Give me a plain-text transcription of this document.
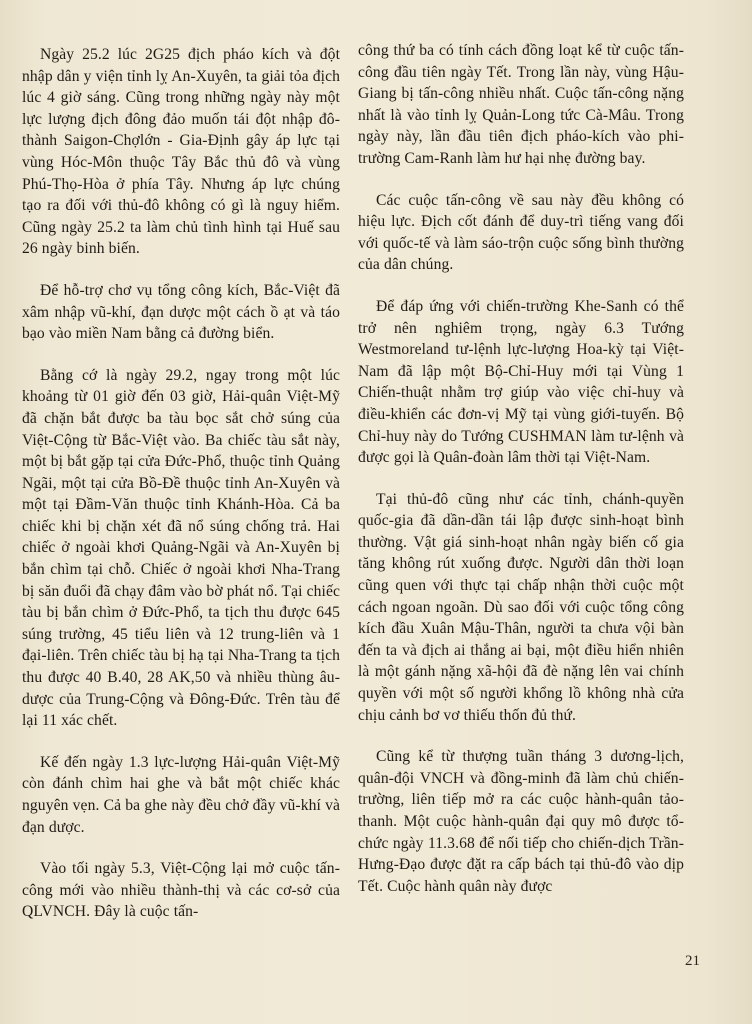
Ngày 25.2 lúc 2G25 địch pháo kích và đột nhập dân y viện tỉnh lỵ An-Xuyên, ta giải tỏa địch lúc 4 giờ sáng. Cũng trong những ngày này một lực lượng địch đông đảo muốn tái đột nhập đô-thành Saigon-Chợlớn - Gia-Định gây áp lực tại vùng Hóc-Môn thuộc Tây Bắc thủ đô và vùng Phú-Thọ-Hòa ở phía Tây. Nhưng áp lực chúng tạo ra đối với thủ-đô không có gì là nguy hiểm. Cũng ngày 25.2 ta làm chủ tình hình tại Huế sau 26 ngày binh biến.

Để hỗ-trợ chơ vụ tổng công kích, Bắc-Việt đã xâm nhập vũ-khí, đạn dược một cách ồ ạt và táo bạo vào miền Nam bằng cả đường biển.

Bằng cớ là ngày 29.2, ngay trong một lúc khoảng từ 01 giờ đến 03 giờ, Hải-quân Việt-Mỹ đã chặn bắt được ba tàu bọc sắt chở súng của Việt-Cộng từ Bắc-Việt vào. Ba chiếc tàu sắt này, một bị bắt gặp tại cửa Đức-Phổ, thuộc tỉnh Quảng Ngãi, một tại cửa Bồ-Đề thuộc tỉnh An-Xuyên và một tại Đầm-Văn thuộc tỉnh Khánh-Hòa. Cả ba chiếc khi bị chặn xét đã nổ súng chống trả. Hai chiếc ở ngoài khơi Quảng-Ngãi và An-Xuyên bị bắn chìm tại chỗ. Chiếc ở ngoài khơi Nha-Trang bị săn đuổi đã chạy đâm vào bờ phát nổ. Tại chiếc tàu bị bắn chìm ở Đức-Phổ, ta tịch thu được 645 súng trường, 45 tiểu liên và 12 trung-liên và 1 đại-liên. Trên chiếc tàu bị hạ tại Nha-Trang ta tịch thu được 40 B.40, 28 AK,50 và nhiều thùng âu-dược của Trung-Cộng và Đông-Đức. Trên tàu để lại 11 xác chết.

Kế đến ngày 1.3 lực-lượng Hải-quân Việt-Mỹ còn đánh chìm hai ghe và bắt một chiếc khác nguyên vẹn. Cả ba ghe này đều chở đầy vũ-khí và đạn dược.

Vào tối ngày 5.3, Việt-Cộng lại mở cuộc tấn-công mới vào nhiều thành-thị và các cơ-sở của QLVNCH. Đây là cuộc tấn-

công thứ ba có tính cách đồng loạt kể từ cuộc tấn-công đầu tiên ngày Tết. Trong lần này, vùng Hậu-Giang bị tấn-công nhiều nhất. Cuộc tấn-công nặng nhất là vào tỉnh lỵ Quản-Long tức Cà-Mâu. Trong ngày này, lần đầu tiên địch pháo-kích vào phi-trường Cam-Ranh làm hư hại nhẹ đường bay.

Các cuộc tấn-công về sau này đều không có hiệu lực. Địch cốt đánh để duy-trì tiếng vang đối với quốc-tế và làm sáo-trộn cuộc sống bình thường của dân chúng.

Để đáp ứng với chiến-trường Khe-Sanh có thể trở nên nghiêm trọng, ngày 6.3 Tướng Westmoreland tư-lệnh lực-lượng Hoa-kỳ tại Việt-Nam đã lập một Bộ-Chỉ-Huy mới tại Vùng 1 Chiến-thuật nhằm trợ giúp vào việc chỉ-huy và điều-khiển các đơn-vị Mỹ tại vùng giới-tuyến. Bộ Chỉ-huy này do Tướng CUSHMAN làm tư-lệnh và được gọi là Quân-đoàn lâm thời tại Việt-Nam.

Tại thủ-đô cũng như các tỉnh, chánh-quyền quốc-gia đã dần-dần tái lập được sinh-hoạt bình thường. Vật giá sinh-hoạt nhân ngày biến cố gia tăng không rút xuống được. Người dân thời loạn cũng quen với thực tại chấp nhận thời cuộc một cách ngoan ngoãn. Dù sao đối với cuộc tổng công kích đầu Xuân Mậu-Thân, người ta chưa vội bàn đến ta và địch ai thắng ai bại, một điều hiển nhiên là một gánh nặng xã-hội đã đè nặng lên vai chính quyền với một số người khổng lồ không nhà cửa chịu cảnh bơ vơ thiếu thốn đủ thứ.

Cũng kể từ thượng tuần tháng 3 dương-lịch, quân-đội VNCH và đồng-minh đã làm chủ chiến-trường, liên tiếp mở ra các cuộc hành-quân tảo-thanh. Một cuộc hành-quân đại quy mô được tổ-chức ngày 11.3.68 để nối tiếp cho chiến-dịch Trần-Hưng-Đạo được đặt ra cấp bách tại thủ-đô vào dịp Tết. Cuộc hành quân này được

21
